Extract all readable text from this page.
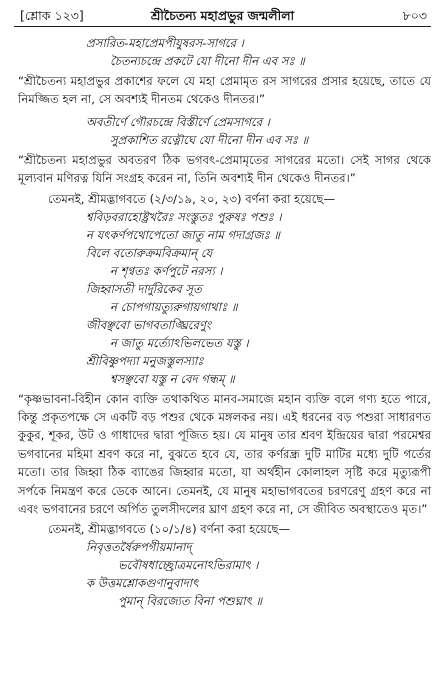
[শ্লোক ১২৩]	শ্রীচৈতন্য মহাপ্রভুর জন্মলীলা	৮০৩
প্রসারিত-মহাপ্রেমপীযুষরস-সাগরে ।
চৈতন্যচন্দ্রে প্রকটে যো দীনো দীন এব সঃ ॥
“শ্রীচৈতন্য মহাপ্রভুর প্রকাশের ফলে যে মহা প্রেমামৃত রস সাগরের প্রসার হয়েছে, তাতে যে নিমজ্জিত হল না, সে অবশ্যই দীনতম থেকেও দীনতর।”
অবতীর্ণে গৌরচন্দ্রে বিস্তীর্ণে প্রেমসাগরে ।
সুপ্রকাশিত রত্নৌঘে যো দীনো দীন এব সঃ ॥
“শ্রীচৈতন্য মহাপ্রভুর অবতরণ ঠিক ভগবৎ-প্রেমামৃতের সাগরের মতো। সেই সাগর থেকে মূল্যবান মণিরত্ন যিনি সংগ্রহ করেন না, তিনি অবশ্যই দীন থেকেও দীনতর।”
তেমনই, শ্রীমদ্ভাগবতে (২/৩/১৯, ২০, ২৩) বর্ণনা করা হয়েছে—
শ্ববিড়বরাহোষ্ট্রখরৈঃ সংস্তুতঃ পুরুষঃ পশুঃ ।
ন যৎকর্ণপথোপেতো জাতু নাম গদাগ্রজঃ ॥
বিলে বতোরুক্রমবিক্রমান্ যে
ন শৃণ্বতঃ কর্ণপুটে নরস্য ।
জিহ্বাসতী দার্দুরিকেব সূত
ন চোপগায়ত্যুরুগায়গাথাঃ ॥
জীবঞ্ছবো ভাগবতাঙ্ঘ্রিরেণুং
ন জাতু মর্ত্যোঽভিলভেত যস্তু ।
শ্রীবিষ্ণুপদ্যা মনুজস্তুলস্যাঃ
শ্বসঞ্ছবো যস্তু ন বেদ গন্ধম্ ॥
“কৃষ্ণভাবনা-বিহীন কোন ব্যক্তি তথাকথিত মানব-সমাজে মহান ব্যক্তি বলে গণ্য হতে পারে, কিন্তু প্রকৃতপক্ষে সে একটি বড় পশুর থেকে মঙ্গলকর নয়। এই ধরনের বড় পশুরা সাধারণত কুকুর, শূকর, উট ও গাধাদের দ্বারা পূজিত হয়। যে মানুষ তার শ্রবণ ইন্দ্রিয়ের দ্বারা পরমেশ্বর ভগবানের মহিমা শ্রবণ করে না, বুঝতে হবে যে, তার কর্ণরন্ধ্র দুটি মাটির মধ্যে দুটি গর্তের মতো। তার জিহ্বা ঠিক ব্যাঙের জিহ্বার মতো, যা অর্থহীন কোলাহল সৃষ্টি করে মৃত্যুরূপী সর্পকে নিমন্ত্রণ করে ডেকে আনে। তেমনই, যে মানুষ মহাভাগবতের চরণরেণু গ্রহণ করে না এবং ভগবানের চরণে অর্পিত তুলসীদলের ঘ্রাণ গ্রহণ করে না, সে জীবিত অবস্থাতেও মৃত।”
তেমনই, শ্রীমদ্ভাগবতে (১০/১/৪) বর্ণনা করা হয়েছে—
নিবৃত্ততর্ষৈরুপগীয়মানাদ্
ভবৌষধাচ্ছ্রোত্রমনোঽভিরামাৎ ।
ক উত্তমশ্লোকগুণানুবাদাৎ
পুমান্ বিরজ্যেত বিনা পশুঘ্নাৎ ॥
